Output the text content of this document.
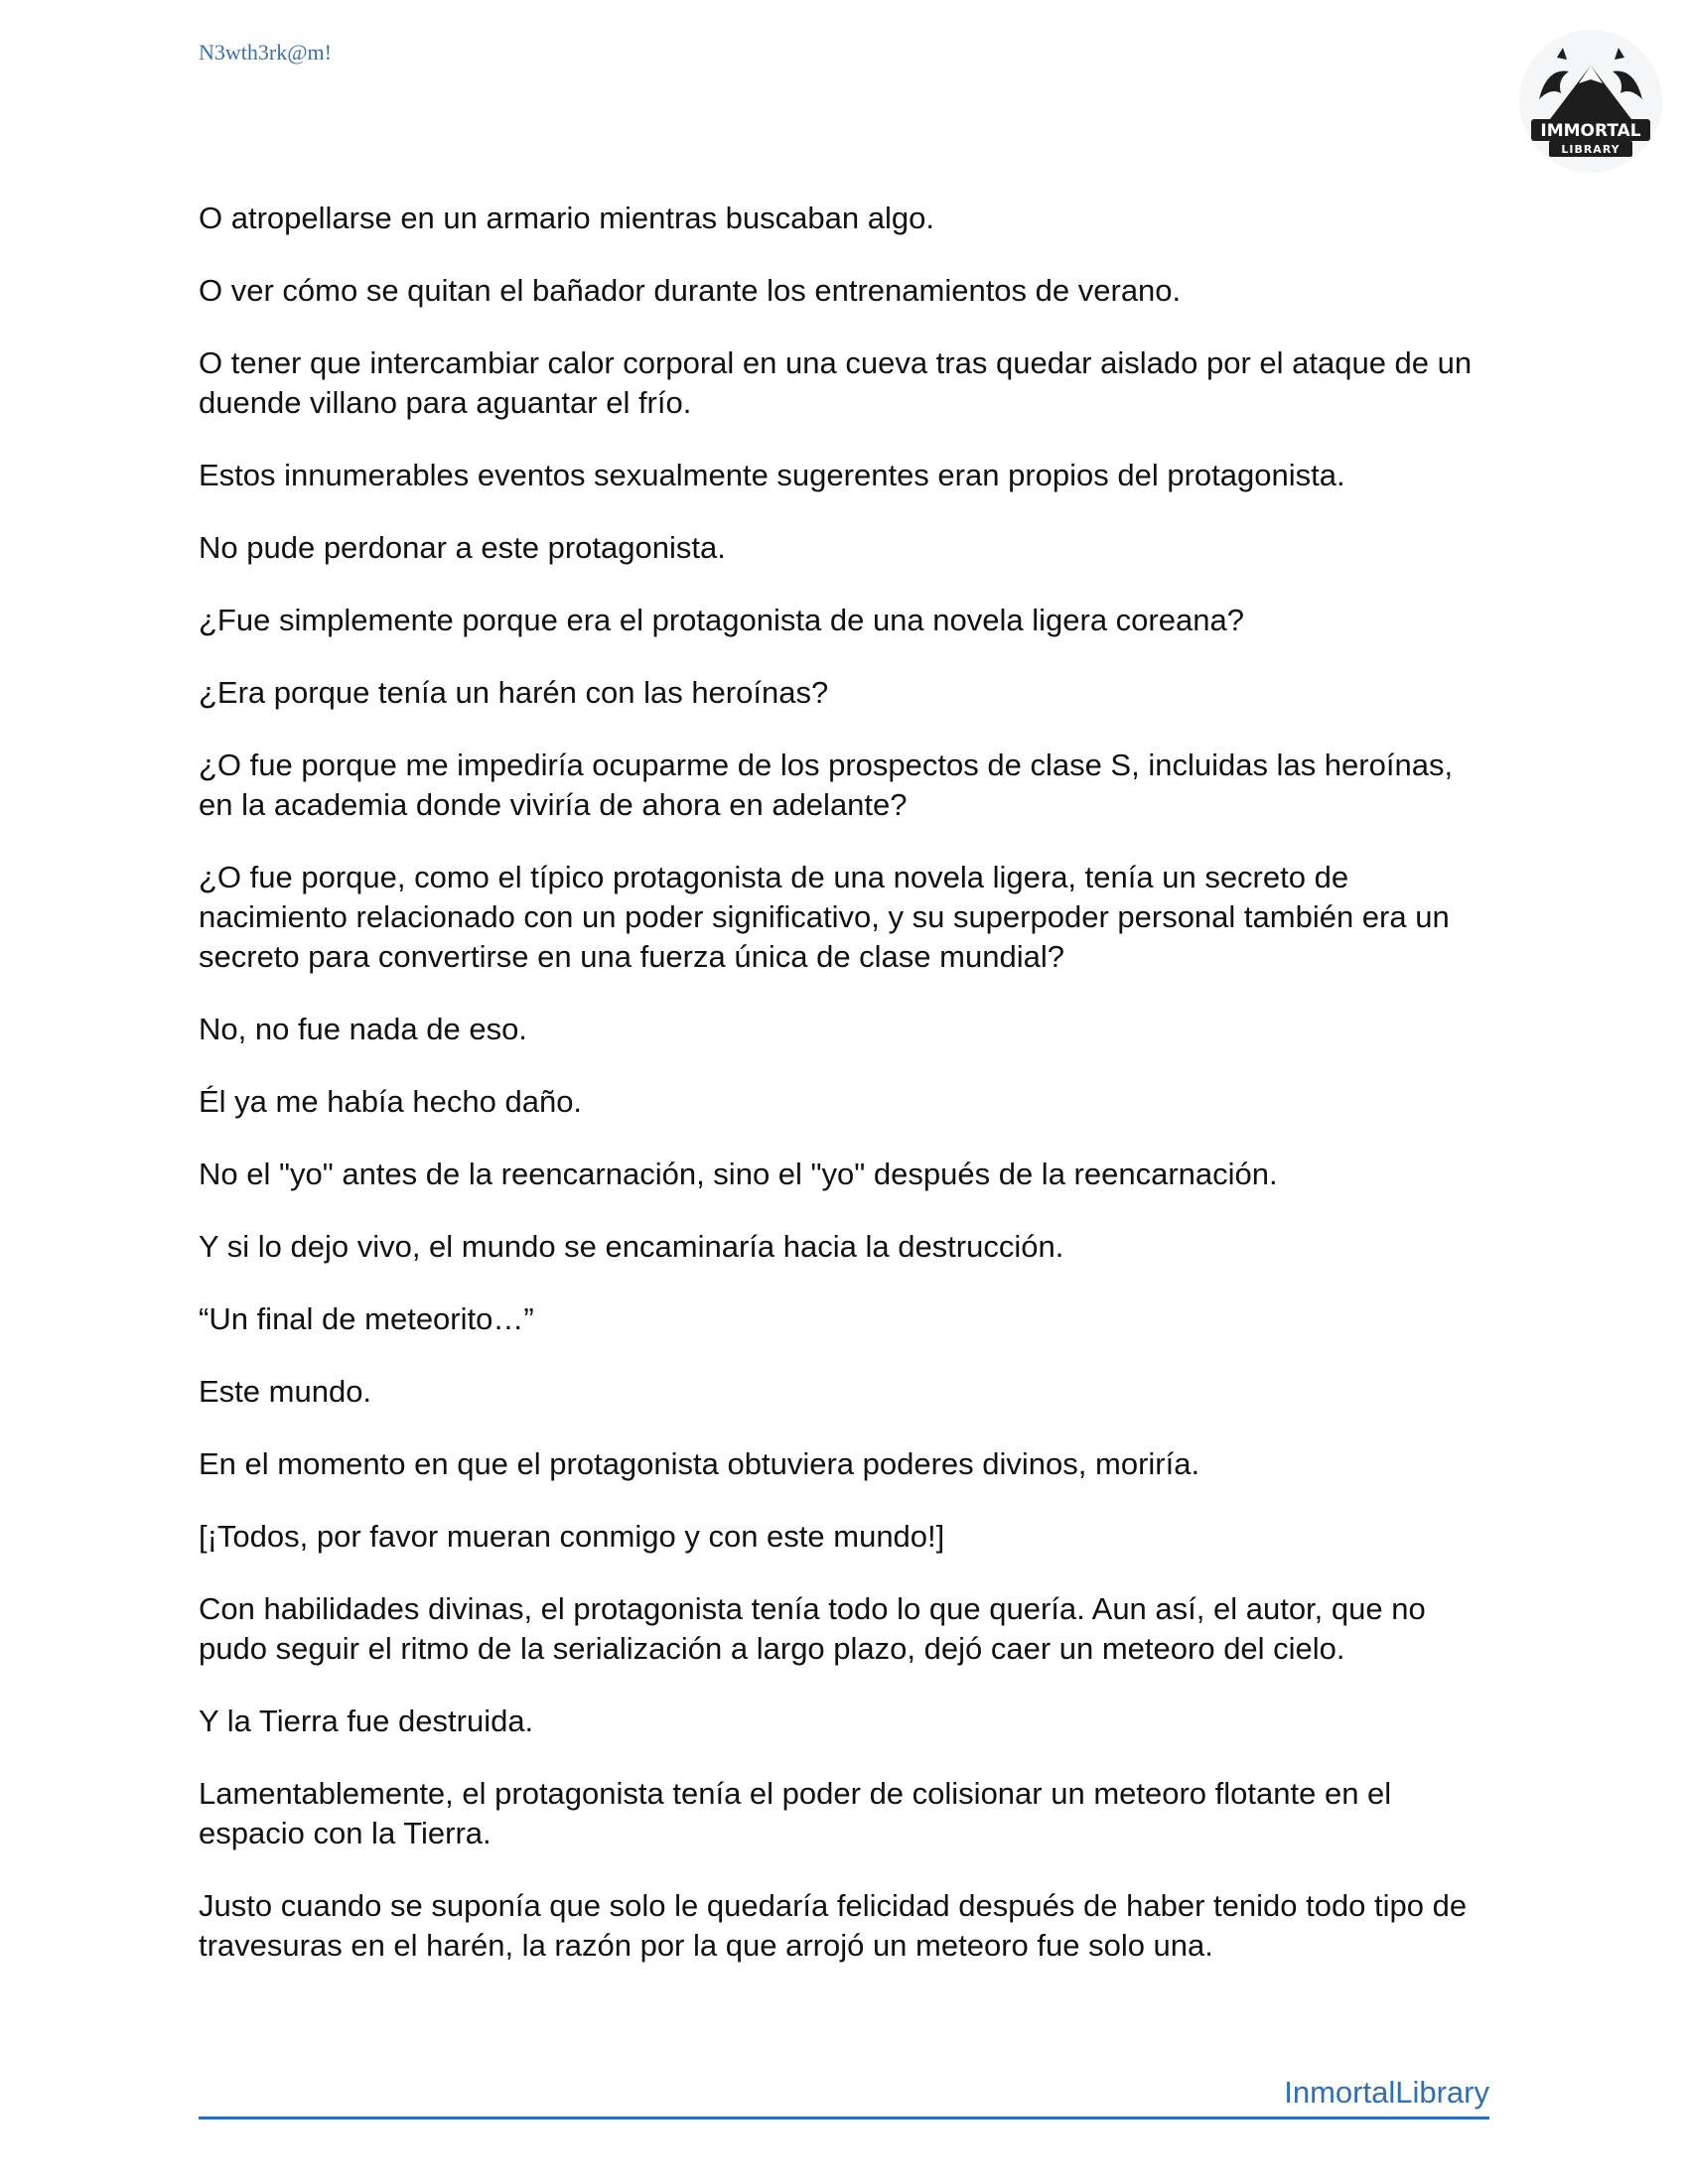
N3wth3rk@m!
IMMORTAL
LIBRARY

O atropellarse en un armario mientras buscaban algo.

O ver cómo se quitan el bañador durante los entrenamientos de verano.

O tener que intercambiar calor corporal en una cueva tras quedar aislado por el ataque de un duende villano para aguantar el frío.

Estos innumerables eventos sexualmente sugerentes eran propios del protagonista.

No pude perdonar a este protagonista.

¿Fue simplemente porque era el protagonista de una novela ligera coreana?

¿Era porque tenía un harén con las heroínas?

¿O fue porque me impediría ocuparme de los prospectos de clase S, incluidas las heroínas, en la academia donde viviría de ahora en adelante?

¿O fue porque, como el típico protagonista de una novela ligera, tenía un secreto de nacimiento relacionado con un poder significativo, y su superpoder personal también era un secreto para convertirse en una fuerza única de clase mundial?

No, no fue nada de eso.

Él ya me había hecho daño.

No el "yo" antes de la reencarnación, sino el "yo" después de la reencarnación.

Y si lo dejo vivo, el mundo se encaminaría hacia la destrucción.

“Un final de meteorito…”

Este mundo.

En el momento en que el protagonista obtuviera poderes divinos, moriría.

[¡Todos, por favor mueran conmigo y con este mundo!]

Con habilidades divinas, el protagonista tenía todo lo que quería. Aun así, el autor, que no pudo seguir el ritmo de la serialización a largo plazo, dejó caer un meteoro del cielo.

Y la Tierra fue destruida.

Lamentablemente, el protagonista tenía el poder de colisionar un meteoro flotante en el espacio con la Tierra.

Justo cuando se suponía que solo le quedaría felicidad después de haber tenido todo tipo de travesuras en el harén, la razón por la que arrojó un meteoro fue solo una.

InmortalLibrary
